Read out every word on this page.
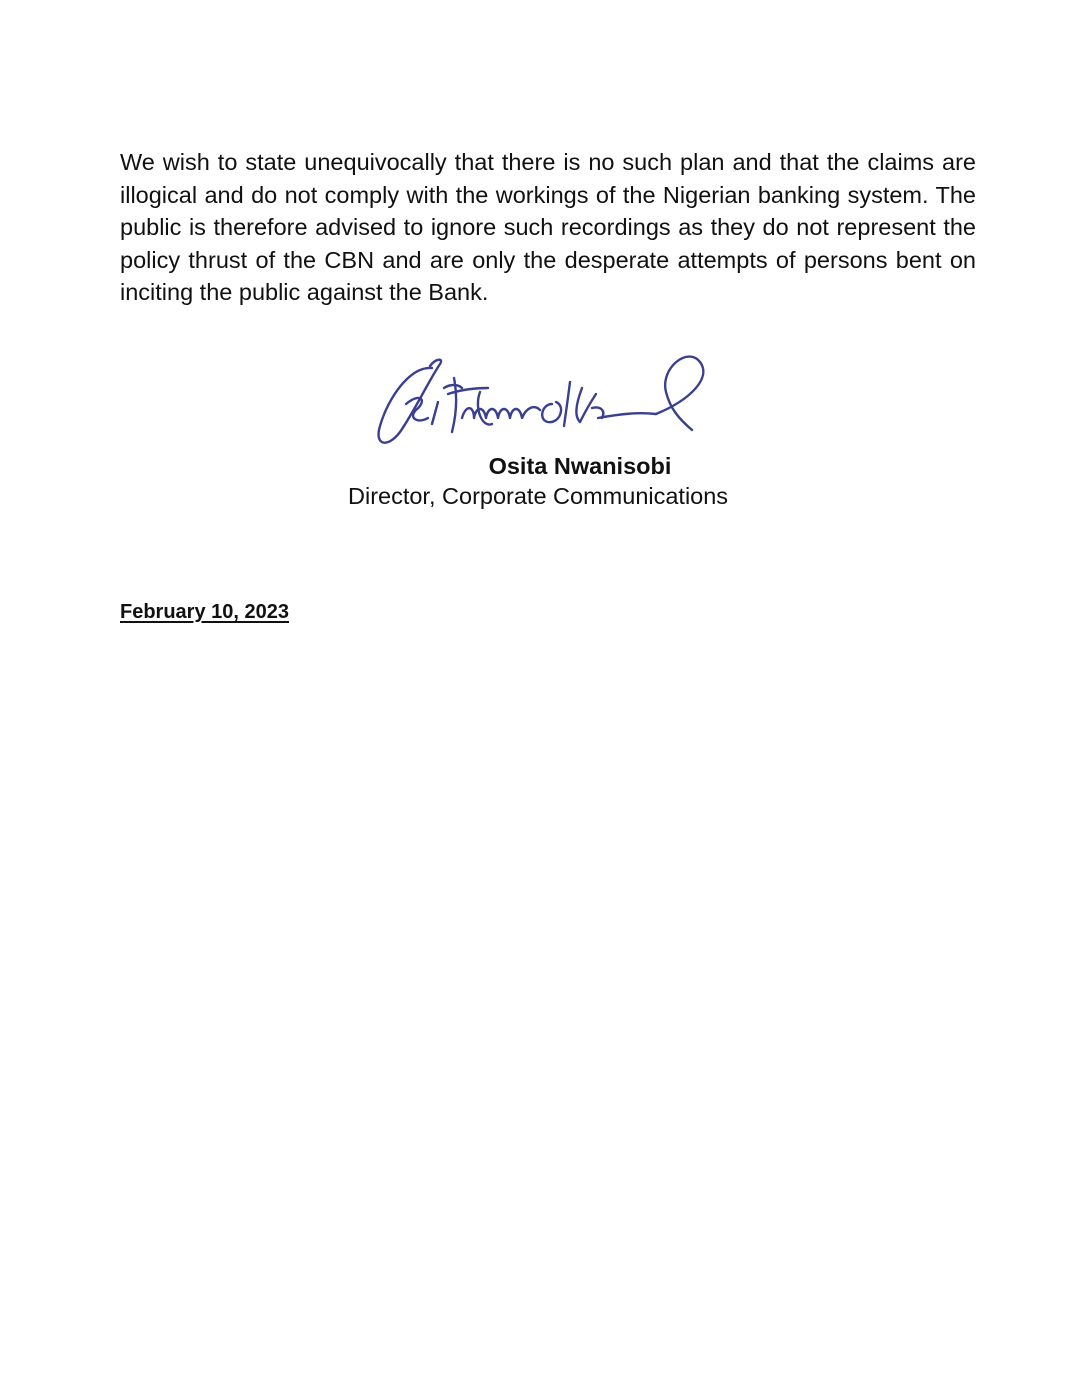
We wish to state unequivocally that there is no such plan and that the claims are illogical and do not comply with the workings of the Nigerian banking system. The public is therefore advised to ignore such recordings as they do not represent the policy thrust of the CBN and are only the desperate attempts of persons bent on inciting the public against the Bank.

Osita Nwanisobi
Director, Corporate Communications
February 10, 2023
